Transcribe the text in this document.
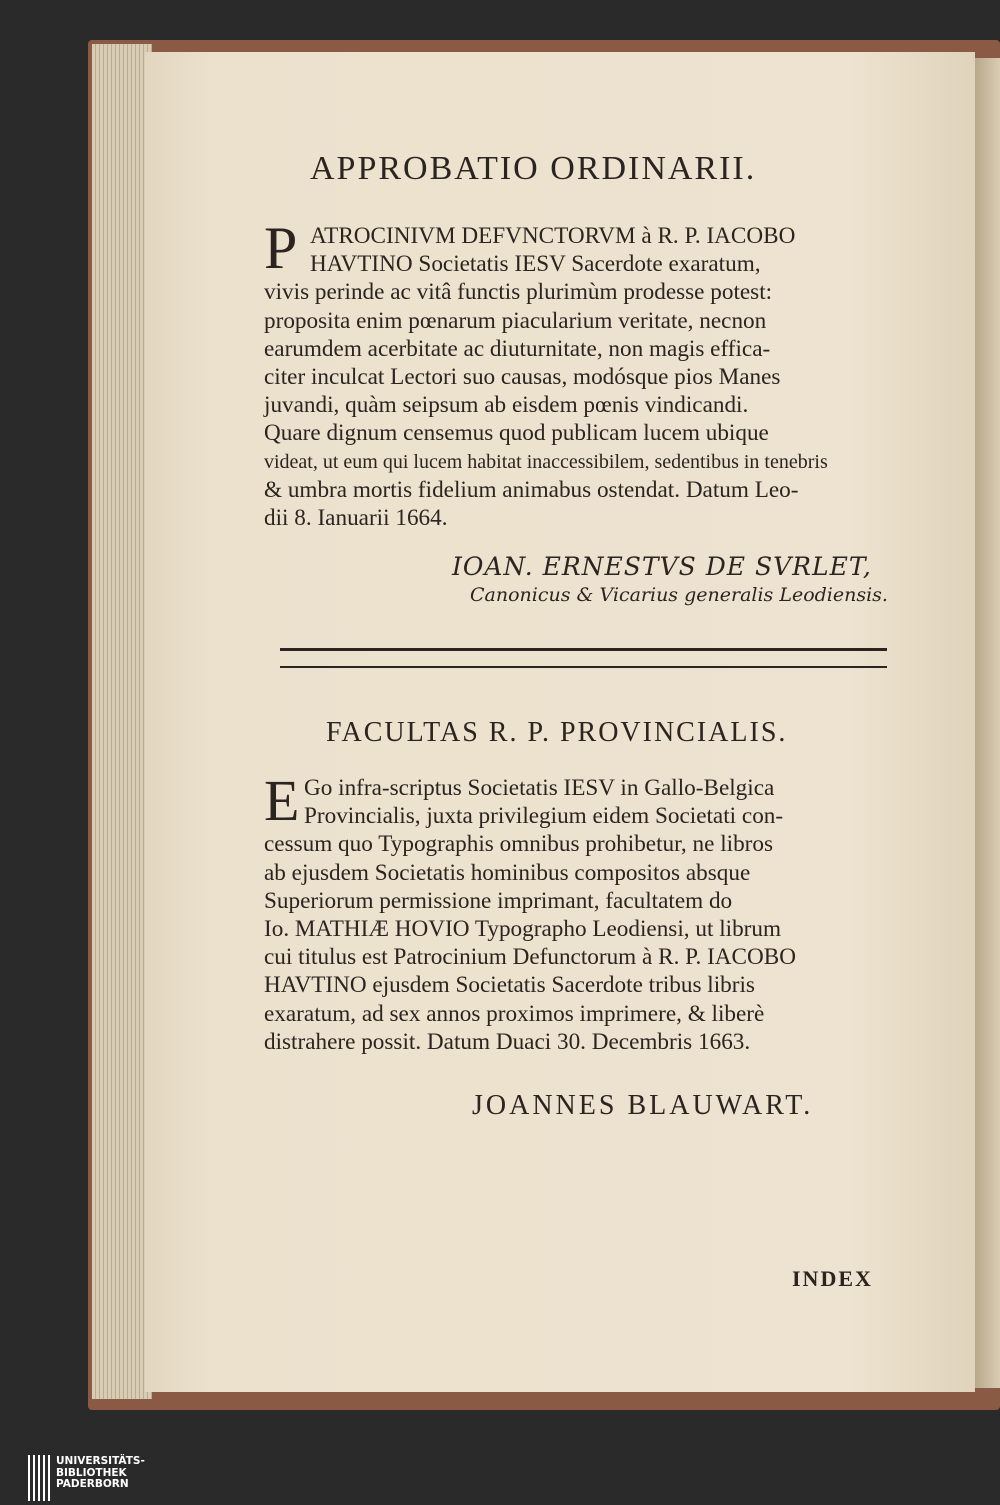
APPROBATIO ORDINARII.
P ATROCINIVM DEFVNCTORVM à R. P. IACOBO
HAVTINO Societatis IESV Sacerdote exaratum,
vivis perinde ac vitâ functis plurimùm prodesse potest:
proposita enim pœnarum piacularium veritate, necnon
earumdem acerbitate ac diuturnitate, non magis effica-
citer inculcat Lectori suo causas, modósque pios Manes
juvandi, quàm seipsum ab eisdem pœnis vindicandi.
Quare dignum censemus quod publicam lucem ubique
videat, ut eum qui lucem habitat inaccessibilem, sedentibus in tenebris
& umbra mortis fidelium animabus ostendat. Datum Leo-
dii 8. Ianuarii 1664.
IOAN. ERNESTVS DE SVRLET,
Canonicus & Vicarius generalis Leodiensis.
FACULTAS R. P. PROVINCIALIS.
E Go infra-scriptus Societatis IESV in Gallo-Belgica
Provincialis, juxta privilegium eidem Societati con-
cessum quo Typographis omnibus prohibetur, ne libros
ab ejusdem Societatis hominibus compositos absque
Superiorum permissione imprimant, facultatem do
Io. MATHIÆ HOVIO Typographo Leodiensi, ut librum
cui titulus est Patrocinium Defunctorum à R. P. IACOBO
HAVTINO ejusdem Societatis Sacerdote tribus libris
exaratum, ad sex annos proximos imprimere, & liberè
distrahere possit. Datum Duaci 30. Decembris 1663.
JOANNES BLAUWART.
INDEX
UNIVERSITÄTS-
BIBLIOTHEK
PADERBORN
